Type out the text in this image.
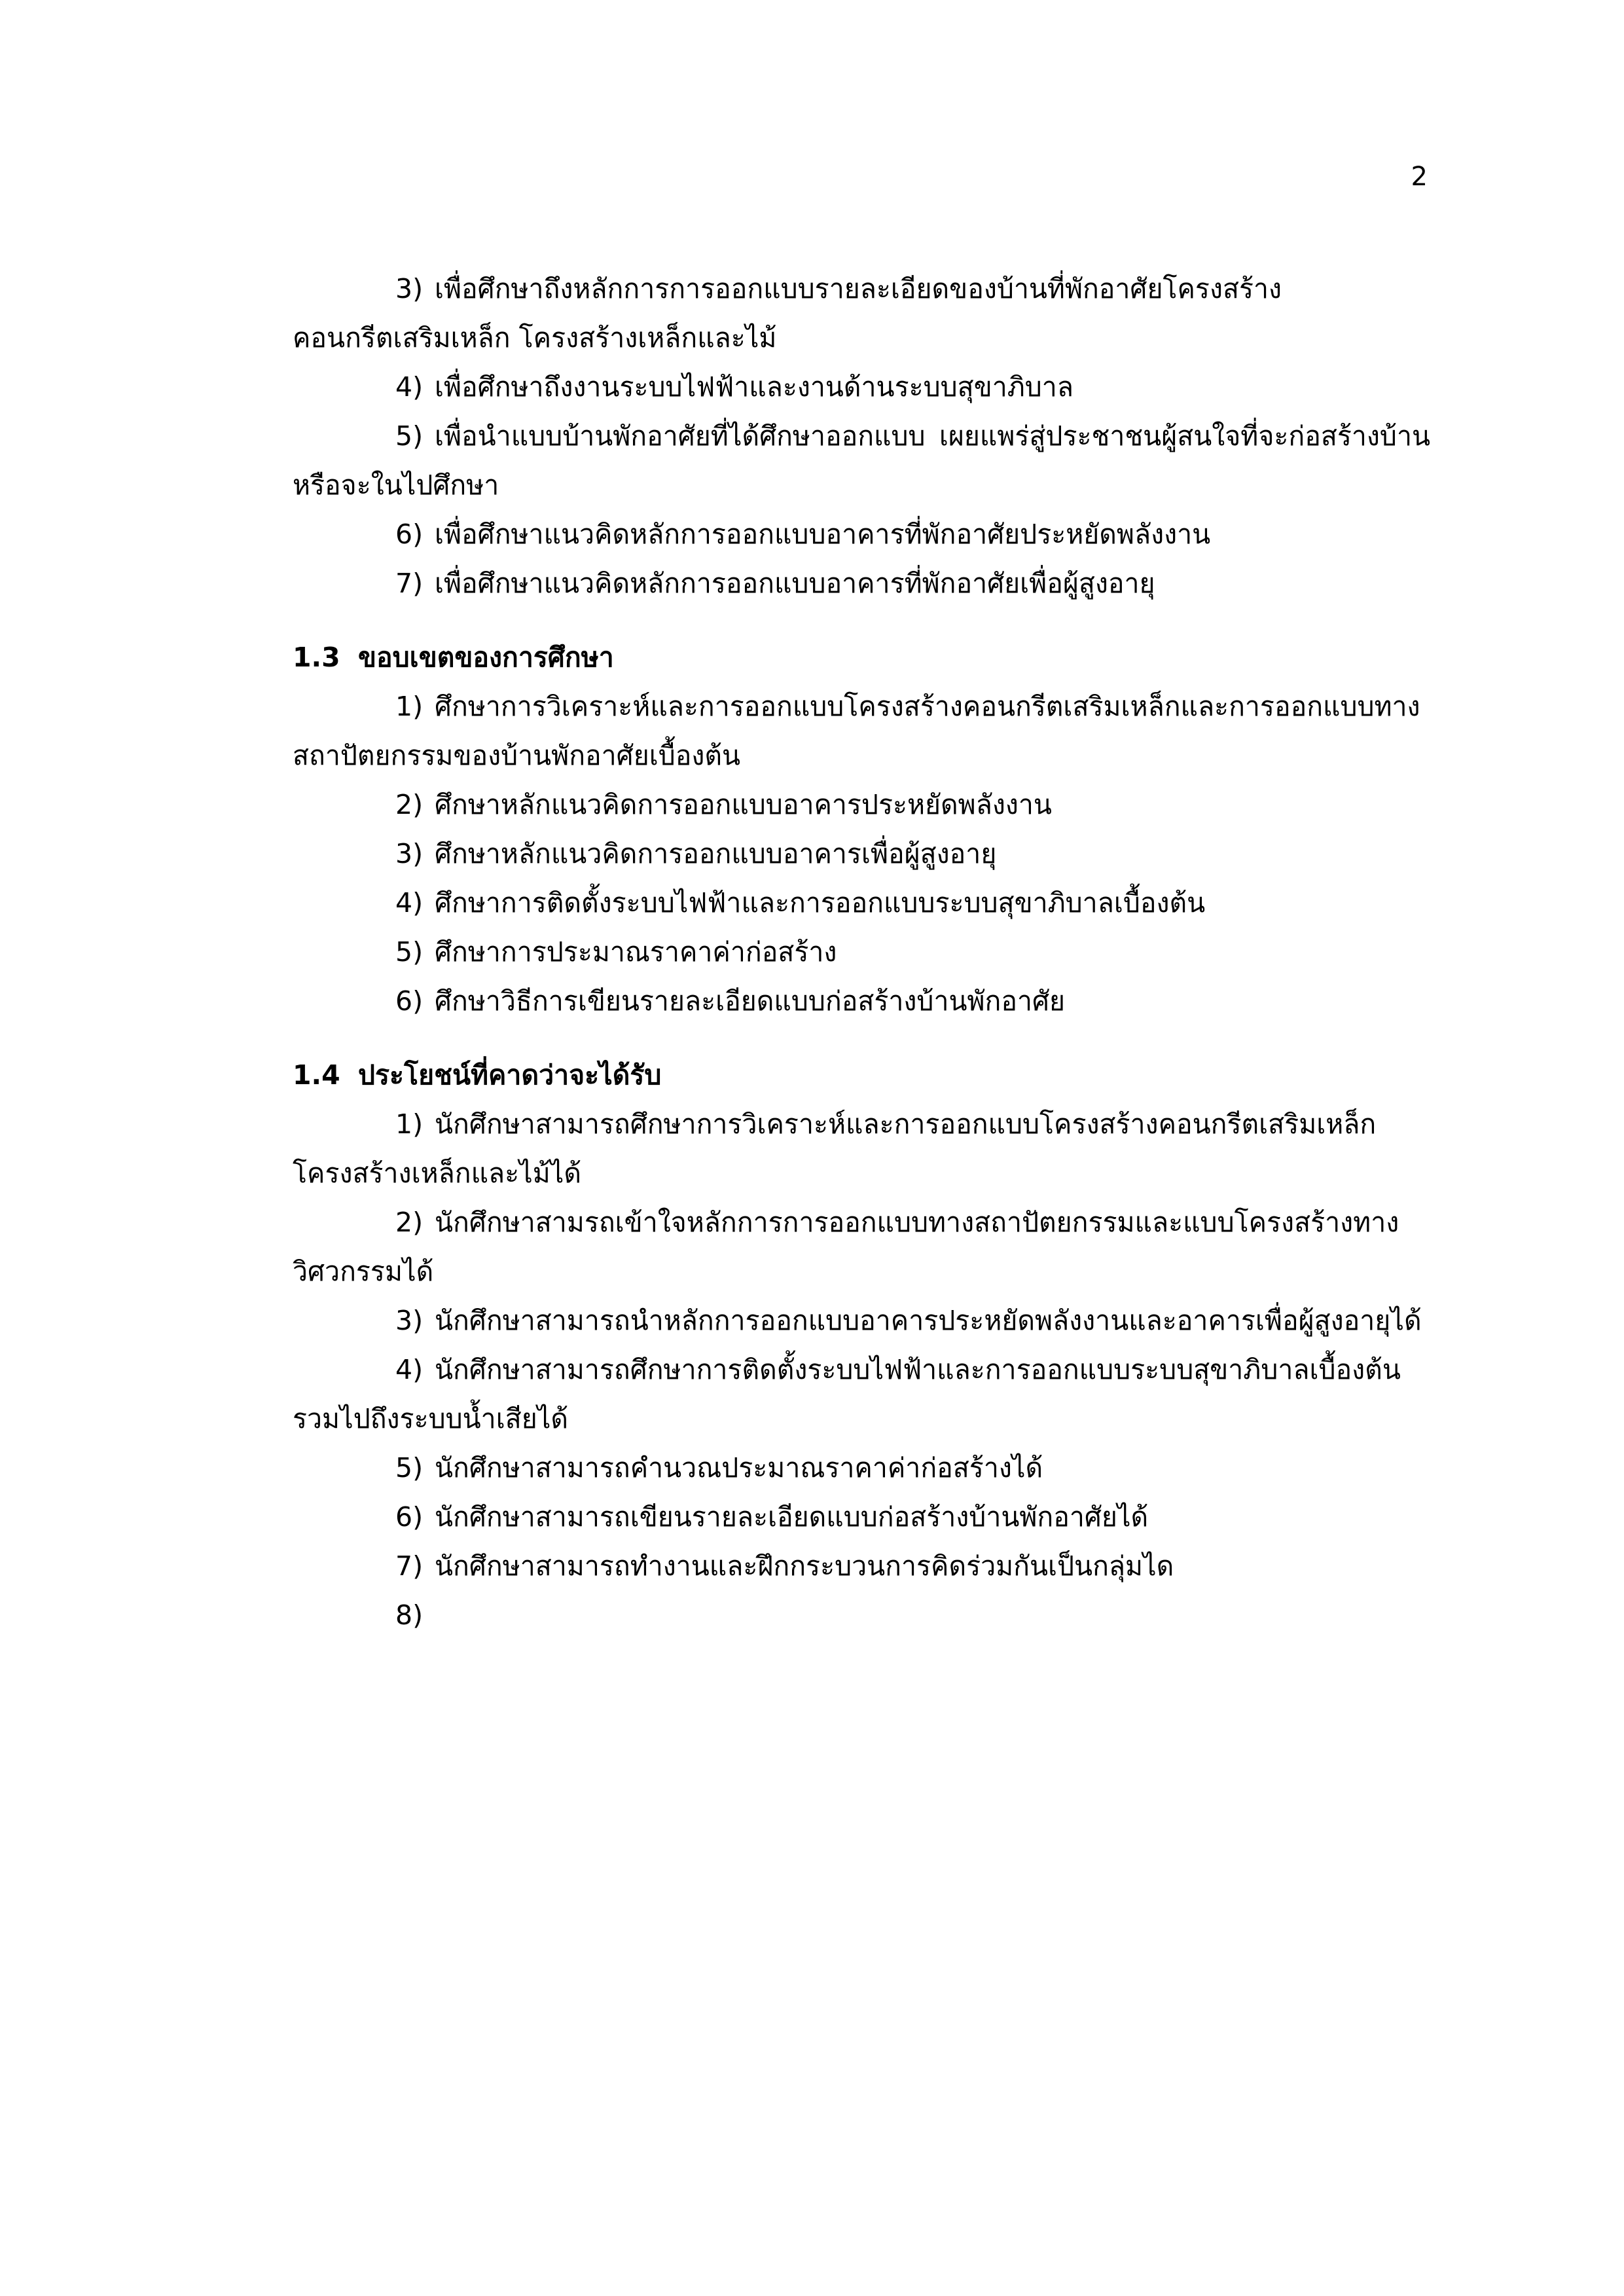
2

3) เพื่อศึกษาถึงหลักการการออกแบบรายละเอียดของบ้านที่พักอาศัยโครงสร้างคอนกรีตเสริมเหล็ก โครงสร้างเหล็กและไม้

4) เพื่อศึกษาถึงงานระบบไฟฟ้าและงานด้านระบบสุขาภิบาล

5) เพื่อนำแบบบ้านพักอาศัยที่ได้ศึกษาออกแบบ เผยแพร่สู่ประชาชนผู้สนใจที่จะก่อสร้างบ้านหรือจะในไปศึกษา

6) เพื่อศึกษาแนวคิดหลักการออกแบบอาคารที่พักอาศัยประหยัดพลังงาน

7) เพื่อศึกษาแนวคิดหลักการออกแบบอาคารที่พักอาศัยเพื่อผู้สูงอายุ

1.3 ขอบเขตของการศึกษา

1) ศึกษาการวิเคราะห์และการออกแบบโครงสร้างคอนกรีตเสริมเหล็กและการออกแบบทางสถาปัตยกรรมของบ้านพักอาศัยเบื้องต้น

2) ศึกษาหลักแนวคิดการออกแบบอาคารประหยัดพลังงาน

3) ศึกษาหลักแนวคิดการออกแบบอาคารเพื่อผู้สูงอายุ

4) ศึกษาการติดตั้งระบบไฟฟ้าและการออกแบบระบบสุขาภิบาลเบื้องต้น

5) ศึกษาการประมาณราคาค่าก่อสร้าง

6) ศึกษาวิธีการเขียนรายละเอียดแบบก่อสร้างบ้านพักอาศัย

1.4 ประโยชน์ที่คาดว่าจะได้รับ

1) นักศึกษาสามารถศึกษาการวิเคราะห์และการออกแบบโครงสร้างคอนกรีตเสริมเหล็กโครงสร้างเหล็กและไม้ได้

2) นักศึกษาสามรถเข้าใจหลักการการออกแบบทางสถาปัตยกรรมและแบบโครงสร้างทางวิศวกรรมได้

3) นักศึกษาสามารถนำหลักการออกแบบอาคารประหยัดพลังงานและอาคารเพื่อผู้สูงอายุได้

4) นักศึกษาสามารถศึกษาการติดตั้งระบบไฟฟ้าและการออกแบบระบบสุขาภิบาลเบื้องต้นรวมไปถึงระบบน้ำเสียได้

5) นักศึกษาสามารถคำนวณประมาณราคาค่าก่อสร้างได้

6) นักศึกษาสามารถเขียนรายละเอียดแบบก่อสร้างบ้านพักอาศัยได้

7) นักศึกษาสามารถทำงานและฝึกกระบวนการคิดร่วมกันเป็นกลุ่มได

8)
